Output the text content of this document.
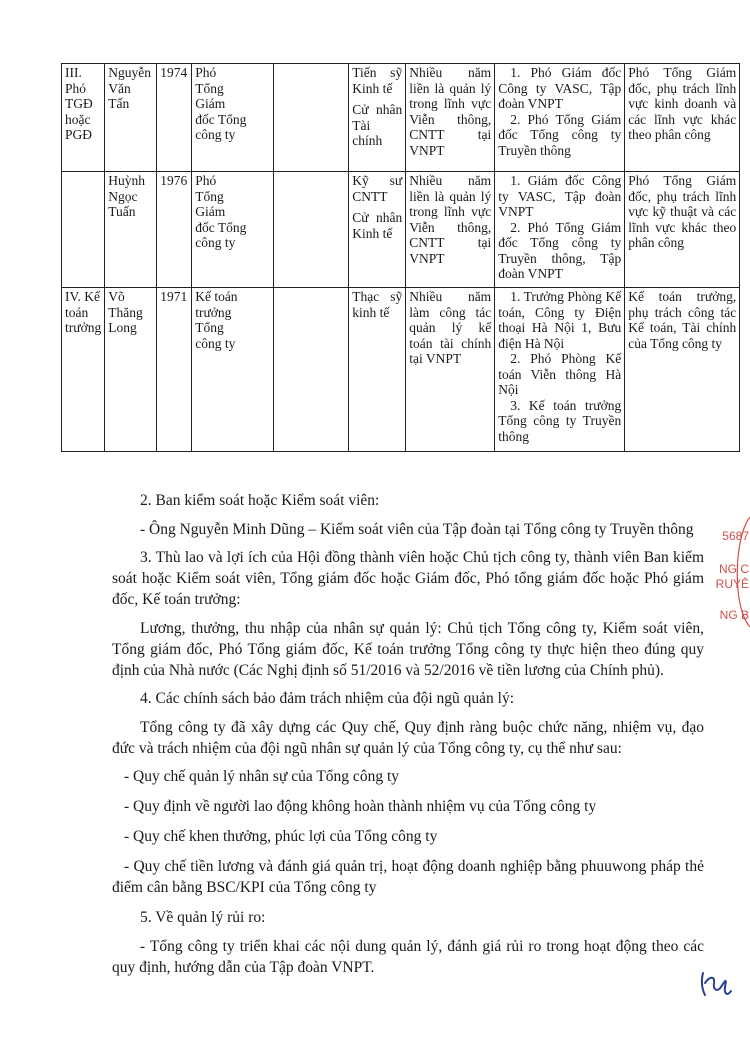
III.
Phó
TGĐ
hoặc
PGĐ	Nguyễn
Văn
Tấn	1974	Phó
Tổng
Giám
đốc Tổng
công ty		Tiến sỹ
Kinh tế
Cử nhân
Tài chính	Nhiều năm liền là quản lý trong lĩnh vực Viễn thông, CNTT tại VNPT	1. Phó Giám đốc Công ty VASC, Tập đoàn VNPT
2. Phó Tổng Giám đốc Tổng công ty Truyền thông	Phó Tổng Giám đốc, phụ trách lĩnh vực kinh doanh và các lĩnh vực khác theo phân công

	Huỳnh
Ngọc
Tuấn	1976	Phó
Tổng
Giám
đốc Tổng
công ty		Kỹ sư
CNTT
Cử nhân
Kinh tế	Nhiều năm liền là quản lý trong lĩnh vực Viễn thông, CNTT tại VNPT	1. Giám đốc Công ty VASC, Tập đoàn VNPT
2. Phó Tổng Giám đốc Tổng công ty Truyền thông, Tập đoàn VNPT	Phó Tổng Giám đốc, phụ trách lĩnh vực kỹ thuật và các lĩnh vực khác theo phân công

IV. Kế
toán
trưởng	Võ
Thăng
Long	1971	Kế toán
trưởng
Tổng
công ty		Thạc sỹ
kinh tế	Nhiều năm làm công tác quản lý kế toán tài chính tại VNPT	1. Trưởng Phòng Kế toán, Công ty Điện thoại Hà Nội 1, Bưu điện Hà Nội
2. Phó Phòng Kế toán Viễn thông Hà Nội
3. Kế toán trưởng Tổng công ty Truyền thông	Kế toán trưởng, phụ trách công tác Kế toán, Tài chính của Tổng công ty

2. Ban kiểm soát hoặc Kiểm soát viên:

- Ông Nguyễn Minh Dũng – Kiểm soát viên của Tập đoàn tại Tổng công ty Truyền thông

3. Thù lao và lợi ích của Hội đồng thành viên hoặc Chủ tịch công ty, thành viên Ban kiểm soát hoặc Kiểm soát viên, Tổng giám đốc hoặc Giám đốc, Phó tổng giám đốc hoặc Phó giám đốc, Kế toán trưởng:

Lương, thưởng, thu nhập của nhân sự quản lý: Chủ tịch Tổng công ty, Kiểm soát viên, Tổng giám đốc, Phó Tổng giám đốc, Kế toán trưởng Tổng công ty thực hiện theo đúng quy định của Nhà nước (Các Nghị định số 51/2016 và 52/2016 về tiền lương của Chính phủ).

4. Các chính sách bảo đảm trách nhiệm của đội ngũ quản lý:

Tổng công ty đã xây dựng các Quy chế, Quy định ràng buộc chức năng, nhiệm vụ, đạo đức và trách nhiệm của đội ngũ nhân sự quản lý của Tổng công ty, cụ thể như sau:

- Quy chế quản lý nhân sự của Tổng công ty

- Quy định về người lao động không hoàn thành nhiệm vụ của Tổng công ty

- Quy chế khen thưởng, phúc lợi của Tổng công ty

- Quy chế tiền lương và đánh giá quản trị, hoạt động doanh nghiệp bằng phuuwong pháp thẻ điểm cân bằng BSC/KPI của Tổng công ty

5. Về quản lý rủi ro:

- Tổng công ty triển khai các nội dung quản lý, đánh giá rủi ro trong hoạt động theo các quy định, hướng dẫn của Tập đoàn VNPT.

5687
NG C
RUYÊ
NG B
